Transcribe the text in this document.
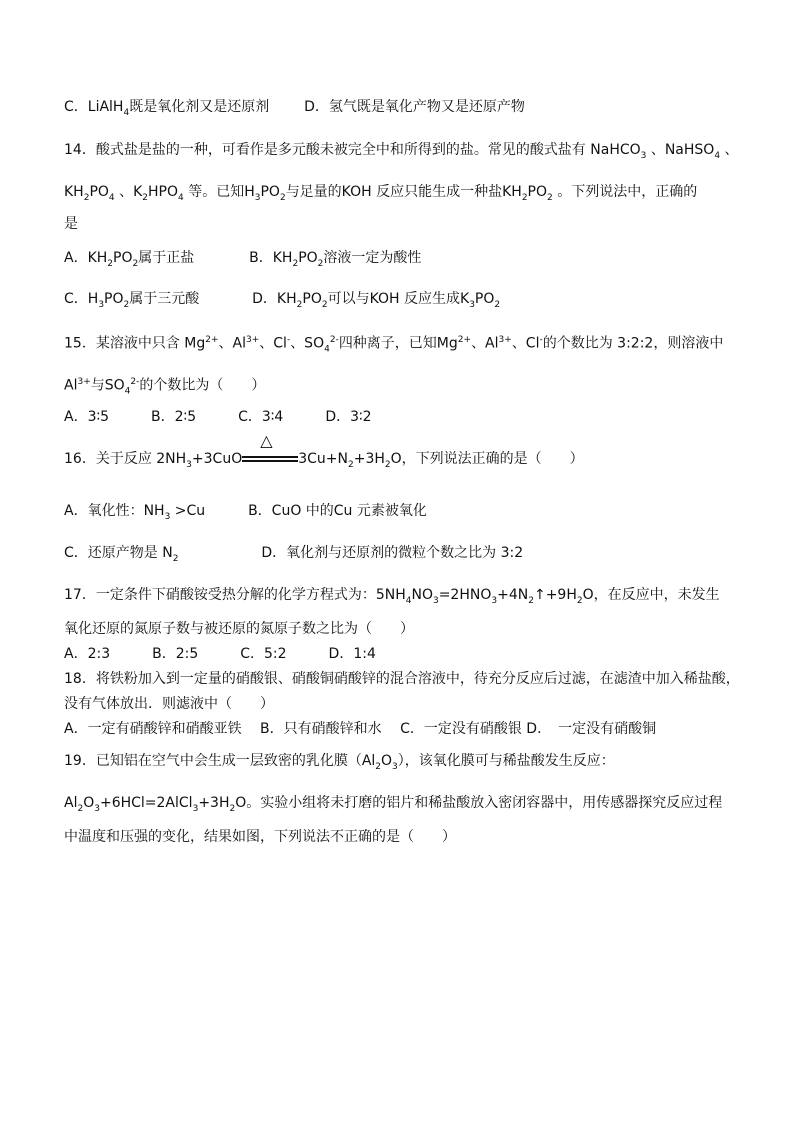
C．LiAlH$_4$既是氧化剂又是还原剂 D．氢气既是氧化产物又是还原产物
14．酸式盐是盐的一种，可看作是多元酸未被完全中和所得到的盐。常见的酸式盐有 NaHCO$_3$ 、NaHSO$_4$ 、
$KH_2PO_4$ 、$K_2HPO_4$ 等。已知$H_3PO_2$与足量的KOH 反应只能生成一种盐$KH_2PO_2$ 。下列说法中，正确的
是
A．$KH_2PO_2$属于正盐	B．$KH_2PO_2$溶液一定为酸性
C．$H_3PO_2$属于三元酸	D．$KH_2PO_2$可以与KOH 反应生成$K_3PO_2$
15．某溶液中只含 $Mg^{2+}$、$Al^{3+}$、Cl-、$SO_4^{2-}$四种离子，已知$Mg^{2+}$、$Al^{3+}$、Cl-的个数比为 3:2:2，则溶液中
$Al^{3+}$与$SO_4^{2-}$的个数比为（　　）
A．3∶5　　　B．2∶5　　　C．3∶4　　　D．3∶2
16．关于反应 $2NH_3+3CuO$
△
$3Cu+N_2+3H_2O$，下列说法正确的是（　　）
A．氧化性：$NH_3 >Cu$	B．CuO 中的Cu 元素被氧化
C．还原产物是 $N_2$	D．氧化剂与还原剂的微粒个数之比为 3:2
17．一定条件下硝酸铵受热分解的化学方程式为：$5NH_4NO_3=2HNO_3+4N_2↑+9H_2O$，在反应中，未发生
氧化还原的氮原子数与被还原的氮原子数之比为（　　）
A．2:3　　　B．2:5　　　C．5:2　　　D．1:4
18．将铁粉加入到一定量的硝酸银、硝酸铜硝酸锌的混合溶液中，待充分反应后过滤，在滤渣中加入稀盐酸，
没有气体放出．则滤液中（　　）
A．一定有硝酸锌和硝酸亚铁　 B．只有硝酸锌和水　 C．一定没有硝酸银 D．　一定没有硝酸铜
19．已知铝在空气中会生成一层致密的乳化膜$(Al_2O_3)$，该氧化膜可与稀盐酸发生反应：
$Al_2O_3+6HCl=2AlCl_3+3H_2O$。实验小组将未打磨的铝片和稀盐酸放入密闭容器中，用传感器探究反应过程
中温度和压强的变化，结果如图，下列说法不正确的是（　　）
